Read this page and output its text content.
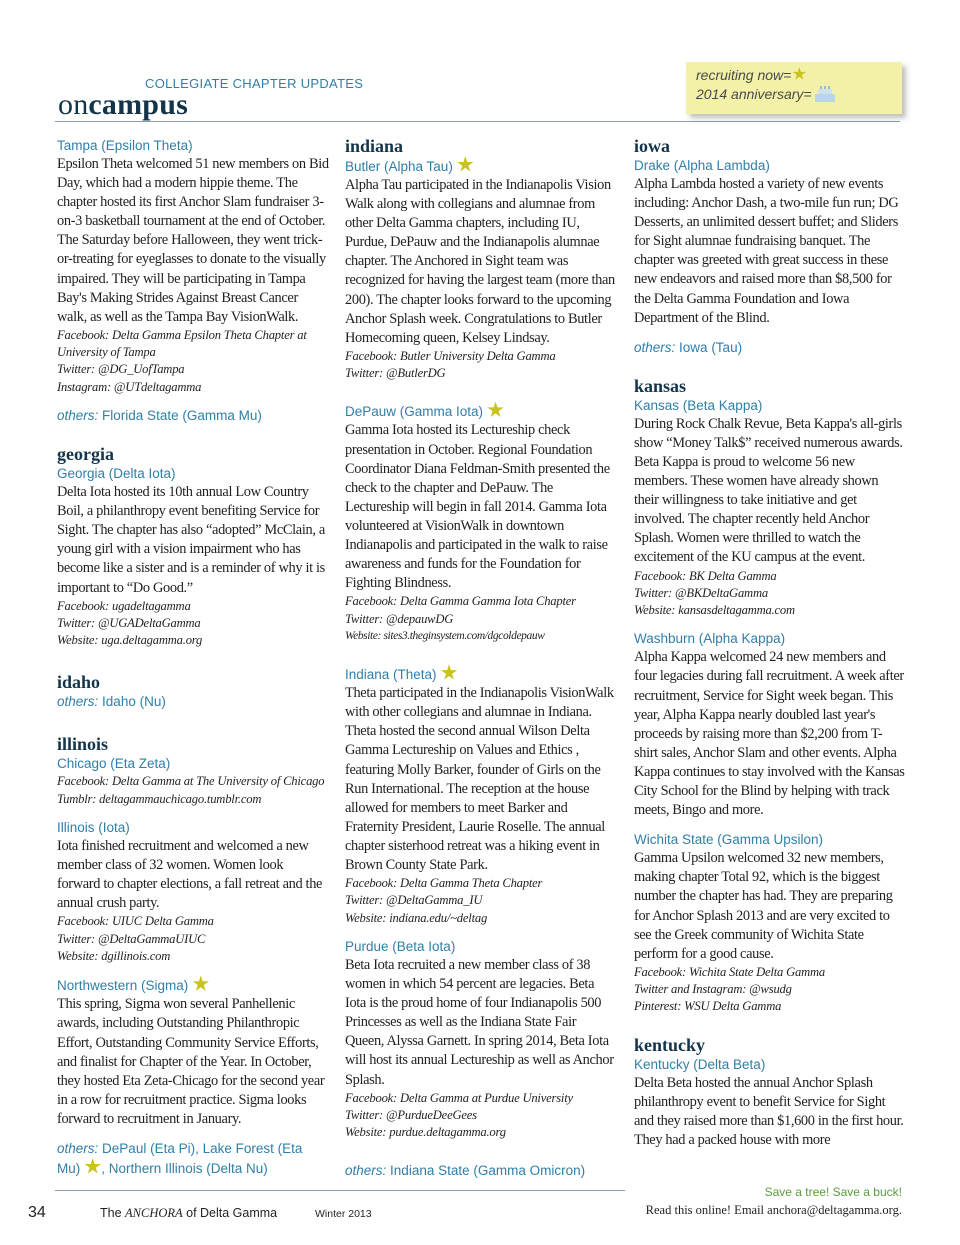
COLLEGIATE CHAPTER UPDATES
oncampus
recruiting now=
2014 anniversary=
Tampa (Epsilon Theta)

Epsilon Theta welcomed 51 new members on Bid Day, which had a modern hippie theme. The chapter hosted its first Anchor Slam fundraiser 3-on-3 basketball tournament at the end of October. The Saturday before Halloween, they went trick-or-treating for eyeglasses to donate to the visually impaired. They will be participating in Tampa Bay's Making Strides Against Breast Cancer walk, as well as the Tampa Bay VisionWalk.

Facebook: Delta Gamma Epsilon Theta Chapter at

University of Tampa

Twitter: @DG_UofTampa

Instagram: @UTdeltagamma

others: Florida State (Gamma Mu)
georgia
Georgia (Delta Iota)

Delta Iota hosted its 10th annual Low Country Boil, a philanthropy event benefiting Service for Sight. The chapter has also “adopted” McClain, a young girl with a vision impairment who has become like a sister and is a reminder of why it is important to “Do Good.”

Facebook: ugadeltagamma

Twitter: @UGADeltaGamma

Website: uga.deltagamma.org

idaho
others: Idaho (Nu)
illinois
Chicago (Eta Zeta)

Facebook: Delta Gamma at The University of Chicago

Tumblr: deltagammauchicago.tumblr.com

Illinois (Iota)

Iota finished recruitment and welcomed a new member class of 32 women. Women look forward to chapter elections, a fall retreat and the annual crush party.

Facebook: UIUC Delta Gamma

Twitter: @DeltaGammaUIUC

Website: dgillinois.com

Northwestern (Sigma)

This spring, Sigma won several Panhellenic awards, including Outstanding Philanthropic Effort, Outstanding Community Service Efforts, and finalist for Chapter of the Year. In October, they hosted Eta Zeta-Chicago for the second year in a row for recruitment practice. Sigma looks forward to recruitment in January.

others: DePaul (Eta Pi), Lake Forest (Eta Mu) , Northern Illinois (Delta Nu)
indiana
Butler (Alpha Tau)

Alpha Tau participated in the Indianapolis Vision Walk along with collegians and alumnae from other Delta Gamma chapters, including IU, Purdue, DePauw and the Indianapolis alumnae chapter. The Anchored in Sight team was recognized for having the largest team (more than 200). The chapter looks forward to the upcoming Anchor Splash week. Congratulations to Butler Homecoming queen, Kelsey Lindsay.

Facebook: Butler University Delta Gamma

Twitter: @ButlerDG

DePauw (Gamma Iota)

Gamma Iota hosted its Lectureship check presentation in October. Regional Foundation Coordinator Diana Feldman-Smith presented the check to the chapter and DePauw. The Lectureship will begin in fall 2014. Gamma Iota volunteered at VisionWalk in downtown Indianapolis and participated in the walk to raise awareness and funds for the Foundation for Fighting Blindness.

Facebook: Delta Gamma Gamma Iota Chapter

Twitter: @depauwDG

Website: sites3.theginsystem.com/dgcoldepauw

Indiana (Theta)

Theta participated in the Indianapolis VisionWalk with other collegians and alumnae in Indiana. Theta hosted the second annual Wilson Delta Gamma Lectureship on Values and Ethics , featuring Molly Barker, founder of Girls on the Run International. The reception at the house allowed for members to meet Barker and Fraternity President, Laurie Roselle. The annual chapter sisterhood retreat was a hiking event in Brown County State Park.

Facebook: Delta Gamma Theta Chapter

Twitter: @DeltaGamma_IU

Website: indiana.edu/~deltag

Purdue (Beta Iota)

Beta Iota recruited a new member class of 38 women in which 54 percent are legacies. Beta Iota is the proud home of four Indianapolis 500 Princesses as well as the Indiana State Fair Queen, Alyssa Garnett. In spring 2014, Beta Iota will host its annual Lectureship as well as Anchor Splash.

Facebook: Delta Gamma at Purdue University

Twitter: @PurdueDeeGees

Website: purdue.deltagamma.org

others: Indiana State (Gamma Omicron)
iowa
Drake (Alpha Lambda)

Alpha Lambda hosted a variety of new events including: Anchor Dash, a two-mile fun run; DG Desserts, an unlimited dessert buffet; and Sliders for Sight alumnae fundraising banquet. The chapter was greeted with great success in these new endeavors and raised more than $8,500 for the Delta Gamma Foundation and Iowa Department of the Blind.

others: Iowa (Tau)
kansas
Kansas (Beta Kappa)

During Rock Chalk Revue, Beta Kappa's all-girls show “Money Talk$” received numerous awards. Beta Kappa is proud to welcome 56 new members. These women have already shown their willingness to take initiative and get involved. The chapter recently held Anchor Splash. Women were thrilled to watch the excitement of the KU campus at the event.

Facebook: BK Delta Gamma

Twitter: @BKDeltaGamma

Website: kansasdeltagamma.com

Washburn (Alpha Kappa)

Alpha Kappa welcomed 24 new members and four legacies during fall recruitment. A week after recruitment, Service for Sight week began. This year, Alpha Kappa nearly doubled last year's proceeds by raising more than $2,200 from T-shirt sales, Anchor Slam and other events. Alpha Kappa continues to stay involved with the Kansas City School for the Blind by helping with track meets, Bingo and more.

Wichita State (Gamma Upsilon)

Gamma Upsilon welcomed 32 new members, making chapter Total 92, which is the biggest number the chapter has had. They are preparing for Anchor Splash 2013 and are very excited to see the Greek community of Wichita State perform for a good cause.

Facebook: Wichita State Delta Gamma

Twitter and Instagram: @wsudg

Pinterest: WSU Delta Gamma

kentucky
Kentucky (Delta Beta)

Delta Beta hosted the annual Anchor Splash philanthropy event to benefit Service for Sight and they raised more than $1,600 in the first hour. They had a packed house with more

34	The ANCHORA of Delta Gamma	Winter 2013
Save a tree! Save a buck!
Read this online! Email anchora@deltagamma.org.
